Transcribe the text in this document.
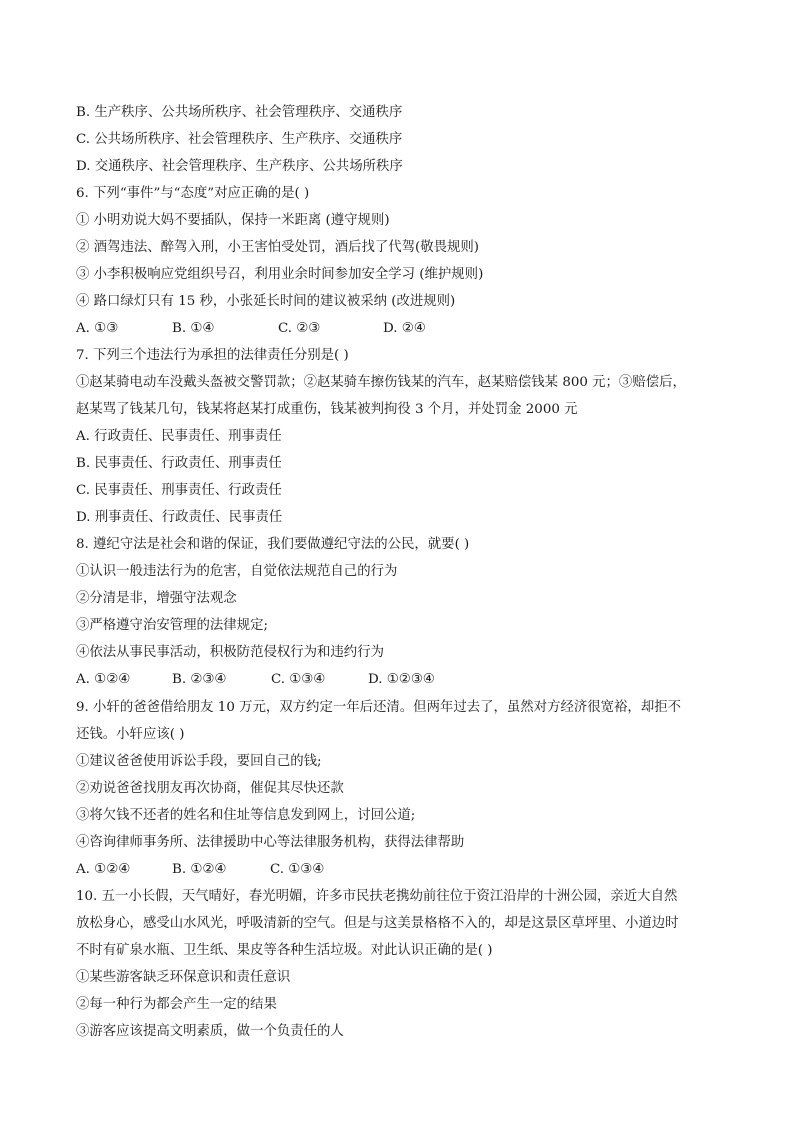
B. 生产秩序、公共场所秩序、社会管理秩序、交通秩序
C. 公共场所秩序、社会管理秩序、生产秩序、交通秩序
D. 交通秩序、社会管理秩序、生产秩序、公共场所秩序
6. 下列“事件”与“态度”对应正确的是( )
① 小明劝说大妈不要插队，保持一米距离 (遵守规则)
② 酒驾违法、醉驾入刑，小王害怕受处罚，酒后找了代驾(敬畏规则)
③ 小李积极响应党组织号召，利用业余时间参加安全学习 (维护规则)
④ 路口绿灯只有 15 秒，小张延长时间的建议被采纳 (改进规则)
A. ①③	B. ①④	C. ②③	D. ②④
7. 下列三个违法行为承担的法律责任分别是( )
①赵某骑电动车没戴头盔被交警罚款；②赵某骑车擦伤钱某的汽车，赵某赔偿钱某 800 元；③赔偿后，
赵某骂了钱某几句，钱某将赵某打成重伤，钱某被判拘役 3 个月，并处罚金 2000 元
A. 行政责任、民事责任、刑事责任
B. 民事责任、行政责任、刑事责任
C. 民事责任、刑事责任、行政责任
D. 刑事责任、行政责任、民事责任
8. 遵纪守法是社会和谐的保证，我们要做遵纪守法的公民，就要( )
①认识一般违法行为的危害，自觉依法规范自己的行为
②分清是非，增强守法观念
③严格遵守治安管理的法律规定;
④依法从事民事活动，积极防范侵权行为和违约行为
A. ①②④	B. ②③④	C. ①③④	D. ①②③④
9. 小轩的爸爸借给朋友 10 万元，双方约定一年后还清。但两年过去了，虽然对方经济很宽裕，却拒不
还钱。小轩应该( )
①建议爸爸使用诉讼手段，要回自己的钱;
②劝说爸爸找朋友再次协商，催促其尽快还款
③将欠钱不还者的姓名和住址等信息发到网上，讨回公道;
④咨询律师事务所、法律援助中心等法律服务机构，获得法律帮助
A. ①②④	B. ①②④	C. ①③④
10. 五一小长假，天气晴好，春光明媚，许多市民扶老携幼前往位于资江沿岸的十洲公园，亲近大自然
放松身心，感受山水风光，呼吸清新的空气。但是与这美景格格不入的，却是这景区草坪里、小道边时
不时有矿泉水瓶、卫生纸、果皮等各种生活垃圾。对此认识正确的是( )
①某些游客缺乏环保意识和责任意识
②每一种行为都会产生一定的结果
③游客应该提高文明素质，做一个负责任的人
